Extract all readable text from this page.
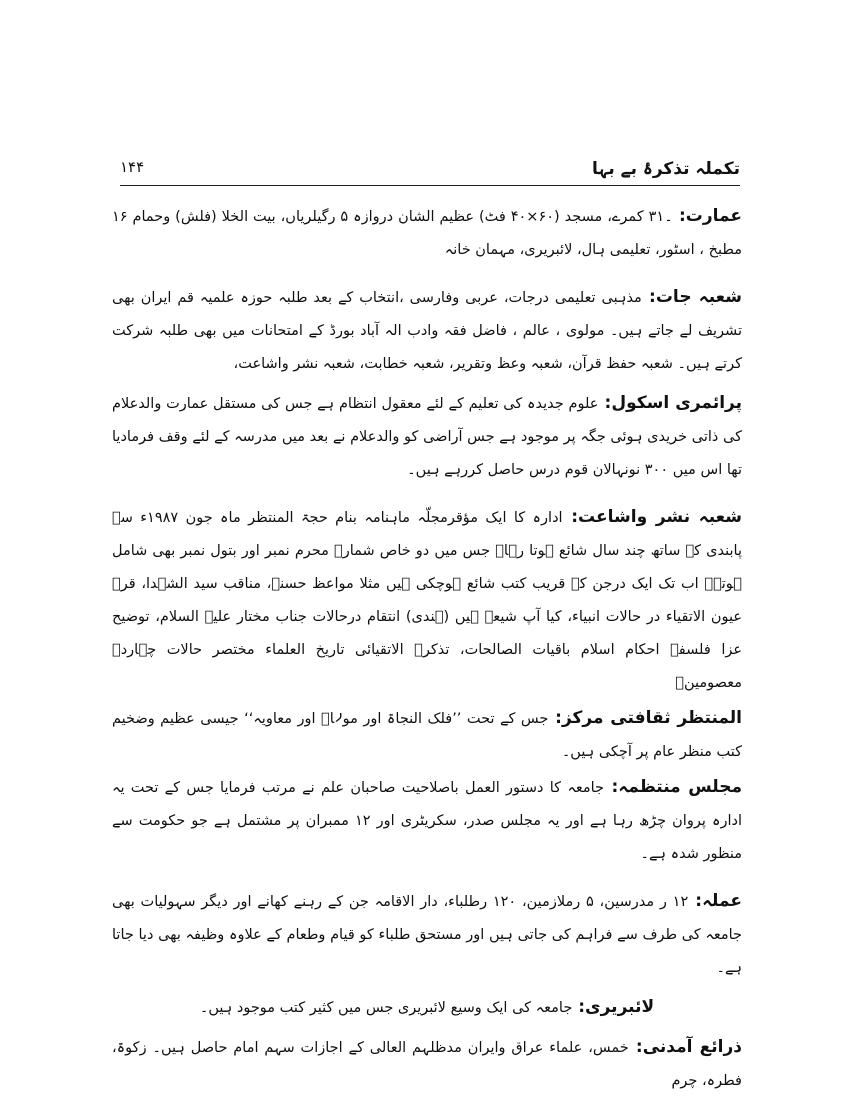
تکملہ تذکرۂ بے بہا
۱۴۴

عمارت: ۔۳۱ کمرے، مسجد (۶۰×۴۰ فٹ) عظیم الشان دروازہ ۵ رگیلریاں، بیت الخلا (فلش) وحمام ۱۶ مطبخ ، اسٹور، تعلیمی ہال، لائبریری، مہمان خانہ

شعبہ جات: مذہبی تعلیمی درجات، عربی وفارسی ،انتخاب کے بعد طلبہ حوزہ علمیہ قم ایران بھی تشریف لے جاتے ہیں۔ مولوی ، عالم ، فاضل فقہ وادب الہ آباد بورڈ کے امتحانات میں بھی طلبہ شرکت کرتے ہیں۔ شعبہ حفظ قرآن، شعبہ وعظ وتقریر، شعبہ خطابت، شعبہ نشر واشاعت،

پرائمری اسکول: علوم جدیدہ کی تعلیم کے لئے معقول انتظام ہے جس کی مستقل عمارت والدعلام کی ذاتی خریدی ہوئی جگہ پر موجود ہے جس آراضی کو والدعلام نے بعد میں مدرسہ کے لئے وقف فرمادیا تھا اس میں ۳۰۰ نونہالان قوم درس حاصل کررہے ہیں۔

شعبہ نشر واشاعت: ادارہ کا ایک مؤقرمجلّہ ماہنامہ بنام حجۃ المنتظر ماہ جون ۱۹۸۷ء سے پابندی کے ساتھ چند سال شائع ہوتا رہا۔ جس میں دو خاص شمارے محرم نمبر اور بتول نمبر بھی شامل ہوتے۔ اب تک ایک درجن کے قریب کتب شائع ہوچکی ہیں مثلا مواعظ حسنہ، مناقب سید الشہدا، قرۃ عیون الاتقیاء در حالات انبیاء، کیا آپ شیعہ ہیں (ہندی) انتقام درحالات جناب مختار علیہ السلام، توضیح عزا فلسفۂ احکام اسلام باقیات الصالحات، تذکرۃ الاتقیائی تاریخ العلماء مختصر حالات چہاردہ معصومینؑ

المنتظر ثقافتی مرکز: جس کے تحت ’’فلک النجاۃ اور مولاؑ اور معاویہ‘‘ جیسی عظیم وضخیم کتب منظر عام پر آچکی ہیں۔

مجلس منتظمہ: جامعہ کا دستور العمل باصلاحیت صاحبان علم نے مرتب فرمایا جس کے تحت یہ ادارہ پروان چڑھ رہا ہے اور یہ مجلس صدر، سکریٹری اور ۱۲ ممبران پر مشتمل ہے جو حکومت سے منظور شدہ ہے۔

عملہ: ۱۲ ر مدرسین، ۵ رملازمین، ۱۲۰ رطلباء، دار الاقامہ جن کے رہنے کھانے اور دیگر سہولیات بھی جامعہ کی طرف سے فراہم کی جاتی ہیں اور مستحق طلباء کو قیام وطعام کے علاوہ وظیفہ بھی دیا جاتا ہے۔

لائبریری: جامعہ کی ایک وسیع لائبریری جس میں کثیر کتب موجود ہیں۔

ذرائع آمدنی: خمس، علماء عراق وایران مدظلہم العالی کے اجازات سہم امام حاصل ہیں۔ زکوۃ، فطرہ، چرم
